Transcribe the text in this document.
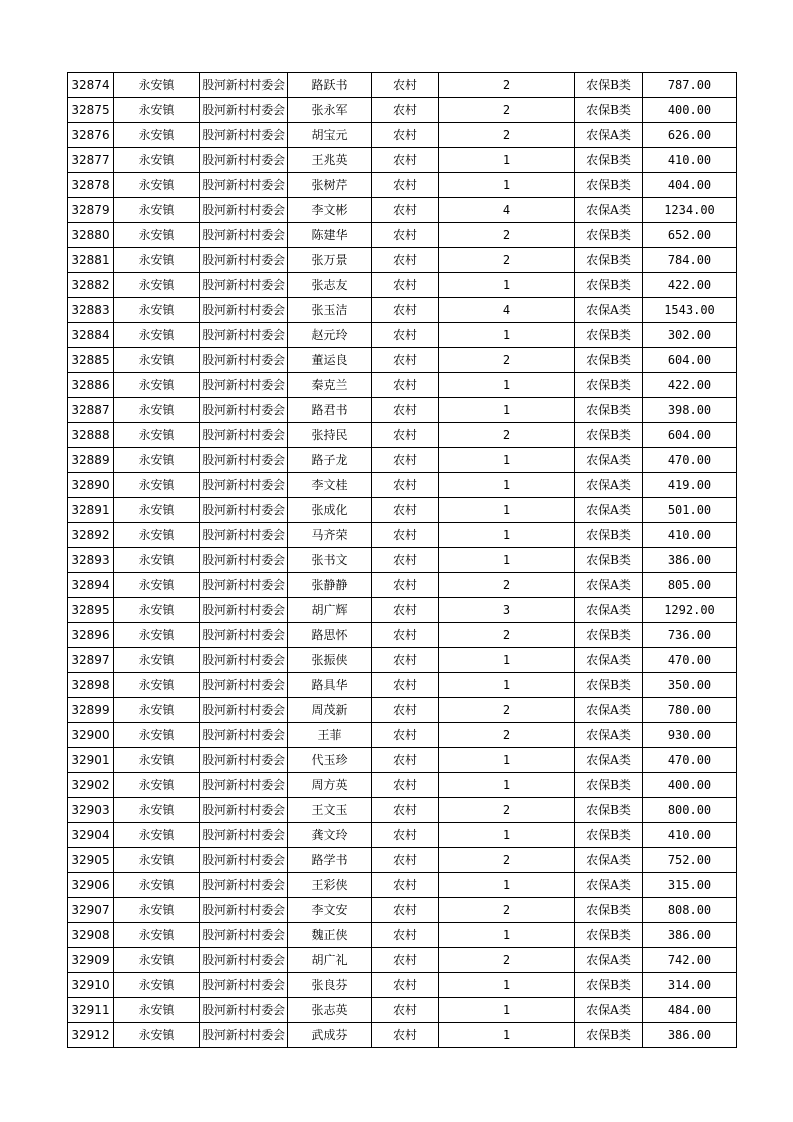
32874	永安镇	股河新村村委会	路跃书	农村	2	农保B类	787.00
32875	永安镇	股河新村村委会	张永军	农村	2	农保B类	400.00
32876	永安镇	股河新村村委会	胡宝元	农村	2	农保A类	626.00
32877	永安镇	股河新村村委会	王兆英	农村	1	农保B类	410.00
32878	永安镇	股河新村村委会	张树芹	农村	1	农保B类	404.00
32879	永安镇	股河新村村委会	李文彬	农村	4	农保A类	1234.00
32880	永安镇	股河新村村委会	陈建华	农村	2	农保B类	652.00
32881	永安镇	股河新村村委会	张万景	农村	2	农保B类	784.00
32882	永安镇	股河新村村委会	张志友	农村	1	农保B类	422.00
32883	永安镇	股河新村村委会	张玉洁	农村	4	农保A类	1543.00
32884	永安镇	股河新村村委会	赵元玲	农村	1	农保B类	302.00
32885	永安镇	股河新村村委会	董运良	农村	2	农保B类	604.00
32886	永安镇	股河新村村委会	秦克兰	农村	1	农保B类	422.00
32887	永安镇	股河新村村委会	路君书	农村	1	农保B类	398.00
32888	永安镇	股河新村村委会	张持民	农村	2	农保B类	604.00
32889	永安镇	股河新村村委会	路子龙	农村	1	农保A类	470.00
32890	永安镇	股河新村村委会	李文桂	农村	1	农保A类	419.00
32891	永安镇	股河新村村委会	张成化	农村	1	农保A类	501.00
32892	永安镇	股河新村村委会	马齐荣	农村	1	农保B类	410.00
32893	永安镇	股河新村村委会	张书文	农村	1	农保B类	386.00
32894	永安镇	股河新村村委会	张静静	农村	2	农保A类	805.00
32895	永安镇	股河新村村委会	胡广辉	农村	3	农保A类	1292.00
32896	永安镇	股河新村村委会	路思怀	农村	2	农保B类	736.00
32897	永安镇	股河新村村委会	张振侠	农村	1	农保A类	470.00
32898	永安镇	股河新村村委会	路具华	农村	1	农保B类	350.00
32899	永安镇	股河新村村委会	周茂新	农村	2	农保A类	780.00
32900	永安镇	股河新村村委会	王菲	农村	2	农保A类	930.00
32901	永安镇	股河新村村委会	代玉珍	农村	1	农保A类	470.00
32902	永安镇	股河新村村委会	周方英	农村	1	农保B类	400.00
32903	永安镇	股河新村村委会	王文玉	农村	2	农保B类	800.00
32904	永安镇	股河新村村委会	龚文玲	农村	1	农保B类	410.00
32905	永安镇	股河新村村委会	路学书	农村	2	农保A类	752.00
32906	永安镇	股河新村村委会	王彩侠	农村	1	农保A类	315.00
32907	永安镇	股河新村村委会	李文安	农村	2	农保B类	808.00
32908	永安镇	股河新村村委会	魏正侠	农村	1	农保B类	386.00
32909	永安镇	股河新村村委会	胡广礼	农村	2	农保A类	742.00
32910	永安镇	股河新村村委会	张良芬	农村	1	农保B类	314.00
32911	永安镇	股河新村村委会	张志英	农村	1	农保A类	484.00
32912	永安镇	股河新村村委会	武成芬	农村	1	农保B类	386.00
